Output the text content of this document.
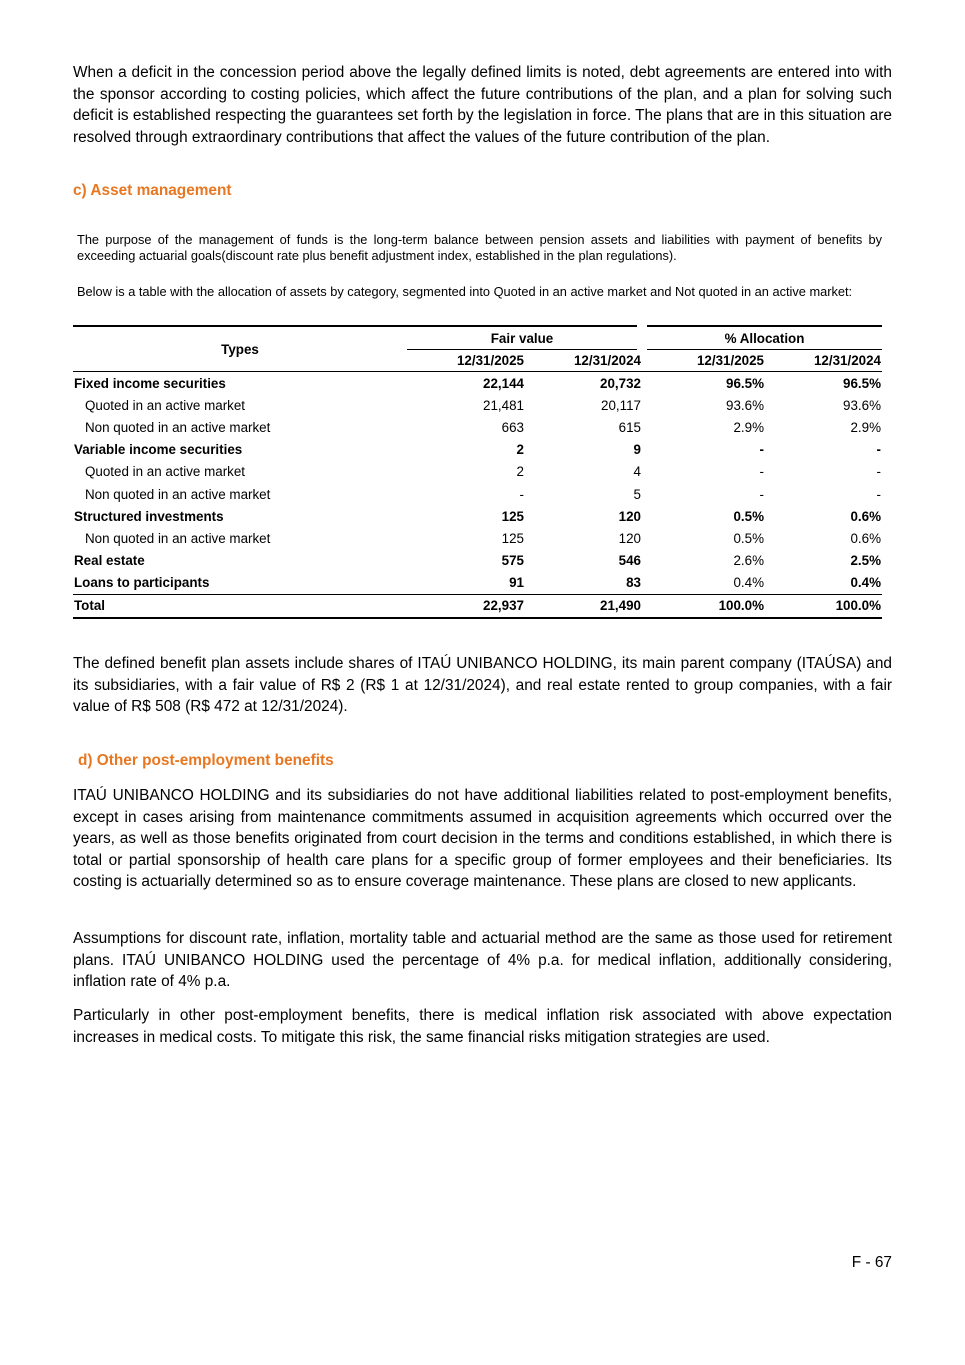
When a deficit in the concession period above the legally defined limits is noted, debt agreements are entered into with the sponsor according to costing policies, which affect the future contributions of the plan, and a plan for solving such deficit is established respecting the guarantees set forth by the legislation in force. The plans that are in this situation are resolved through extraordinary contributions that affect the values of the future contribution of the plan.

c) Asset management

The purpose of the management of funds is the long-term balance between pension assets and liabilities with payment of benefits by exceeding actuarial goals(discount rate plus benefit adjustment index, established in the plan regulations).

Below is a table with the allocation of assets by category, segmented into Quoted in an active market and Not quoted in an active market:

Types	Fair value		% Allocation	
	12/31/2025	12/31/2024	12/31/2025	12/31/2024
Fixed income securities	22,144	20,732	96.5%	96.5%
Quoted in an active market	21,481	20,117	93.6%	93.6%
Non quoted in an active market	663	615	2.9%	2.9%
Variable income securities	2	9	-	-
Quoted in an active market	2	4	-	-
Non quoted in an active market	-	5	-	-
Structured investments	125	120	0.5%	0.6%
Non quoted in an active market	125	120	0.5%	0.6%
Real estate	575	546	2.6%	2.5%
Loans to participants	91	83	0.4%	0.4%
Total	22,937	21,490	100.0%	100.0%

The defined benefit plan assets include shares of ITAÚ UNIBANCO HOLDING, its main parent company (ITAÚSA) and its subsidiaries, with a fair value of R$ 2 (R$ 1 at 12/31/2024), and real estate rented to group companies, with a fair value of R$ 508 (R$ 472 at 12/31/2024).

d) Other post-employment benefits

ITAÚ UNIBANCO HOLDING and its subsidiaries do not have additional liabilities related to post-employment benefits, except in cases arising from maintenance commitments assumed in acquisition agreements which occurred over the years, as well as those benefits originated from court decision in the terms and conditions established, in which there is total or partial sponsorship of health care plans for a specific group of former employees and their beneficiaries. Its costing is actuarially determined so as to ensure coverage maintenance. These plans are closed to new applicants.

Assumptions for discount rate, inflation, mortality table and actuarial method are the same as those used for retirement plans. ITAÚ UNIBANCO HOLDING used the percentage of 4% p.a. for medical inflation, additionally considering, inflation rate of 4% p.a.

Particularly in other post-employment benefits, there is medical inflation risk associated with above expectation increases in medical costs. To mitigate this risk, the same financial risks mitigation strategies are used.

F - 67
